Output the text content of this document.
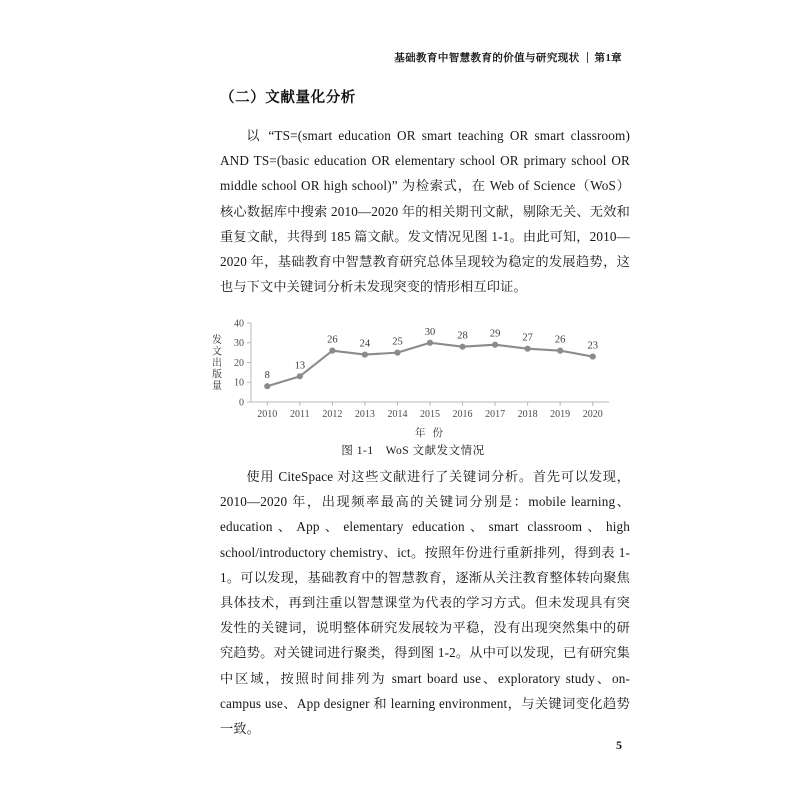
基础教育中智慧教育的价值与研究现状 第1章
（二）文献量化分析

以 “TS=(smart education OR smart teaching OR smart classroom) AND TS=(basic education OR elementary school OR primary school OR middle school OR high school)” 为检索式，在 Web of Science（WoS）核心数据库中搜索 2010—2020 年的相关期刊文献，剔除无关、无效和重复文献，共得到 185 篇文献。发文情况见图 1-1。由此可知，2010—2020 年，基础教育中智慧教育研究总体呈现较为稳定的发展趋势，这也与下文中关键词分析未发现突变的情形相互印证。

0
10
20
30
40
2010 2011 2012 2013 2014 2015 2016 2017 2018 2019 2020
8
13
26 24 25
30 28 29 27 26
23
发
文
出
版
量
年 份
图 1-1 WoS 文献发文情况

使用 CiteSpace 对这些文献进行了关键词分析。首先可以发现，2010—2020 年，出现频率最高的关键词分别是：mobile learning、education、App、elementary education、smart classroom、high school/introductory chemistry、ict。按照年份进行重新排列，得到表 1-1。可以发现，基础教育中的智慧教育，逐渐从关注教育整体转向聚焦具体技术，再到注重以智慧课堂为代表的学习方式。但未发现具有突发性的关键词，说明整体研究发展较为平稳，没有出现突然集中的研究趋势。对关键词进行聚类，得到图 1-2。从中可以发现，已有研究集中区域，按照时间排列为 smart board use、exploratory study、on-campus use、App designer 和 learning environment，与关键词变化趋势一致。

5
